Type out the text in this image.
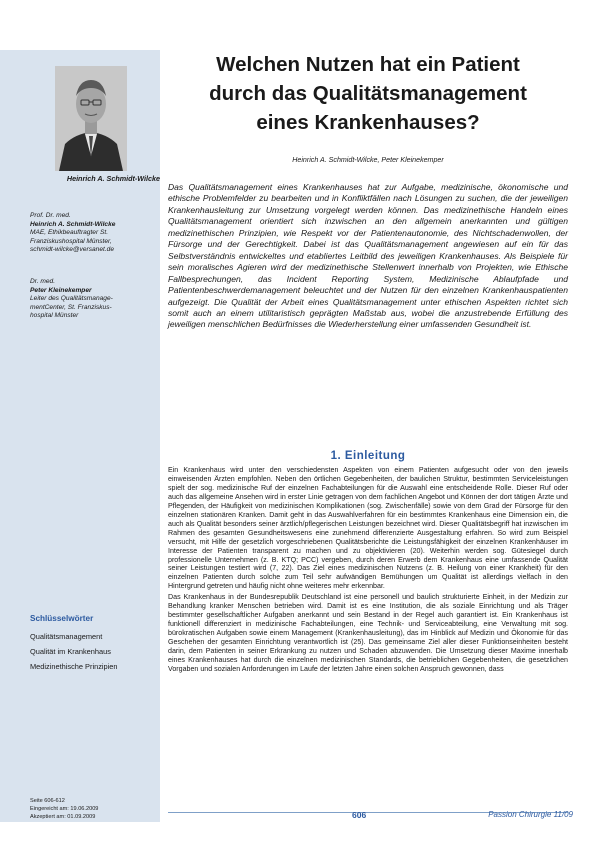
Heinrich A. Schmidt-Wilcke
Prof. Dr. med.
Heinrich A. Schmidt-Wilcke
MAE, Ethikbeauftragter St.
Franziskushospital Münster,
schmidt-wilcke@versanet.de
Dr. med.
Peter Kleinekemper
Leiter des Qualitätsmanage-
mentCenter, St. Franziskus-
hospital Münster
Schlüsselwörter
Qualitätsmanagement
Qualität im Krankenhaus
Medizinethische Prinzipien
Seite 606-612
Eingereicht am: 19.06.2009
Akzeptiert am: 01.09.2009
Welchen Nutzen hat ein Patient
durch das Qualitätsmanagement
eines Krankenhauses?
Heinrich A. Schmidt-Wilcke, Peter Kleinekemper
Das Qualitätsmanagement eines Krankenhauses hat zur Aufgabe, medizinische, ökonomische und ethische Problemfelder zu bearbeiten und in Konfliktfällen nach Lösungen zu suchen, die der jeweiligen Krankenhausleitung zur Umsetzung vorgelegt werden können. Das medizinethische Handeln eines Qualitätsmanagement orientiert sich inzwischen an den allgemein anerkannten und gültigen medizinethischen Prinzipien, wie Respekt vor der Patientenautonomie, des Nichtschadenwollen, der Fürsorge und der Gerechtigkeit. Dabei ist das Qualitätsmanagement angewiesen auf ein für das Selbstverständnis entwickeltes und etabliertes Leitbild des jeweiligen Krankenhauses. Als Beispiele für sein moralisches Agieren wird der medizinethische Stellenwert innerhalb von Projekten, wie Ethische Fallbesprechungen, das Incident Reporting System, Medizinische Ablaufpfade und Patientenbeschwerdemanagement beleuchtet und der Nutzen für den einzelnen Krankenhauspatienten aufgezeigt. Die Qualität der Arbeit eines Qualitätsmanagement unter ethischen Aspekten richtet sich somit auch an einem utilitaristisch geprägten Maßstab aus, wobei die anzustrebende Erfüllung des jeweiligen menschlichen Bedürfnisses die Wiederherstellung einer umfassenden Gesundheit ist.
1. Einleitung

Ein Krankenhaus wird unter den verschiedensten Aspekten von einem Patienten aufgesucht oder von den jeweils einweisenden Ärzten empfohlen. Neben den örtlichen Gegebenheiten, der baulichen Struktur, bestimmten Serviceleistungen spielt der sog. medizinische Ruf der einzelnen Fachabteilungen für die Auswahl eine entscheidende Rolle. Dieser Ruf oder auch das allgemeine Ansehen wird in erster Linie getragen von dem fachlichen Angebot und Können der dort tätigen Ärzte und Pflegenden, der Häufigkeit von medizinischen Komplikationen (sog. Zwischenfälle) sowie von dem Grad der Fürsorge für den einzelnen stationären Kranken. Damit geht in das Auswahlverfahren für ein bestimmtes Krankenhaus eine Dimension ein, die auch als Qualität besonders seiner ärztlich/pflegerischen Leistungen bezeichnet wird. Dieser Qualitätsbegriff hat inzwischen im Rahmen des gesamten Gesundheitswesens eine zunehmend differenzierte Ausgestaltung erfahren. So wird zum Beispiel versucht, mit Hilfe der gesetzlich vorgeschriebenen Qualitätsberichte die Leistungsfähigkeit der einzelnen Krankenhäuser im Interesse der Patienten transparent zu machen und zu objektivieren (20). Weiterhin werden sog. Gütesiegel durch professionelle Unternehmen (z. B. KTQ; PCC) vergeben, durch deren Erwerb dem Krankenhaus eine umfassende Qualität seiner Leistungen testiert wird (7, 22). Das Ziel eines medizinischen Nutzens (z. B. Heilung von einer Krankheit) für den einzelnen Patienten durch solche zum Teil sehr aufwändigen Bemühungen um Qualität ist allerdings vielfach in den Hintergrund getreten und häufig nicht ohne weiteres mehr erkennbar.

Das Krankenhaus in der Bundesrepublik Deutschland ist eine personell und baulich strukturierte Einheit, in der Medizin zur Behandlung kranker Menschen betrieben wird. Damit ist es eine Institution, die als soziale Einrichtung und als Träger bestimmter gesellschaftlicher Aufgaben anerkannt und sein Bestand in der Regel auch garantiert ist. Ein Krankenhaus ist funktionell differenziert in medizinische Fachabteilungen, eine Technik- und Serviceabteilung, eine Verwaltung mit sog. bürokratischen Aufgaben sowie einem Management (Krankenhausleitung), das im Hinblick auf Medizin und Ökonomie für das Geschehen der gesamten Einrichtung verantwortlich ist (25). Das gemeinsame Ziel aller dieser Funktionseinheiten besteht darin, dem Patienten in seiner Erkrankung zu nutzen und Schaden abzuwenden. Die Umsetzung dieser Maxime innerhalb eines Krankenhauses hat durch die einzelnen medizinischen Standards, die betrieblichen Gegebenheiten, die gesetzlichen Vorgaben und sozialen Anforderungen im Laufe der letzten Jahre einen solchen Anspruch gewonnen, dass

606	Passion Chirurgie 11/09
